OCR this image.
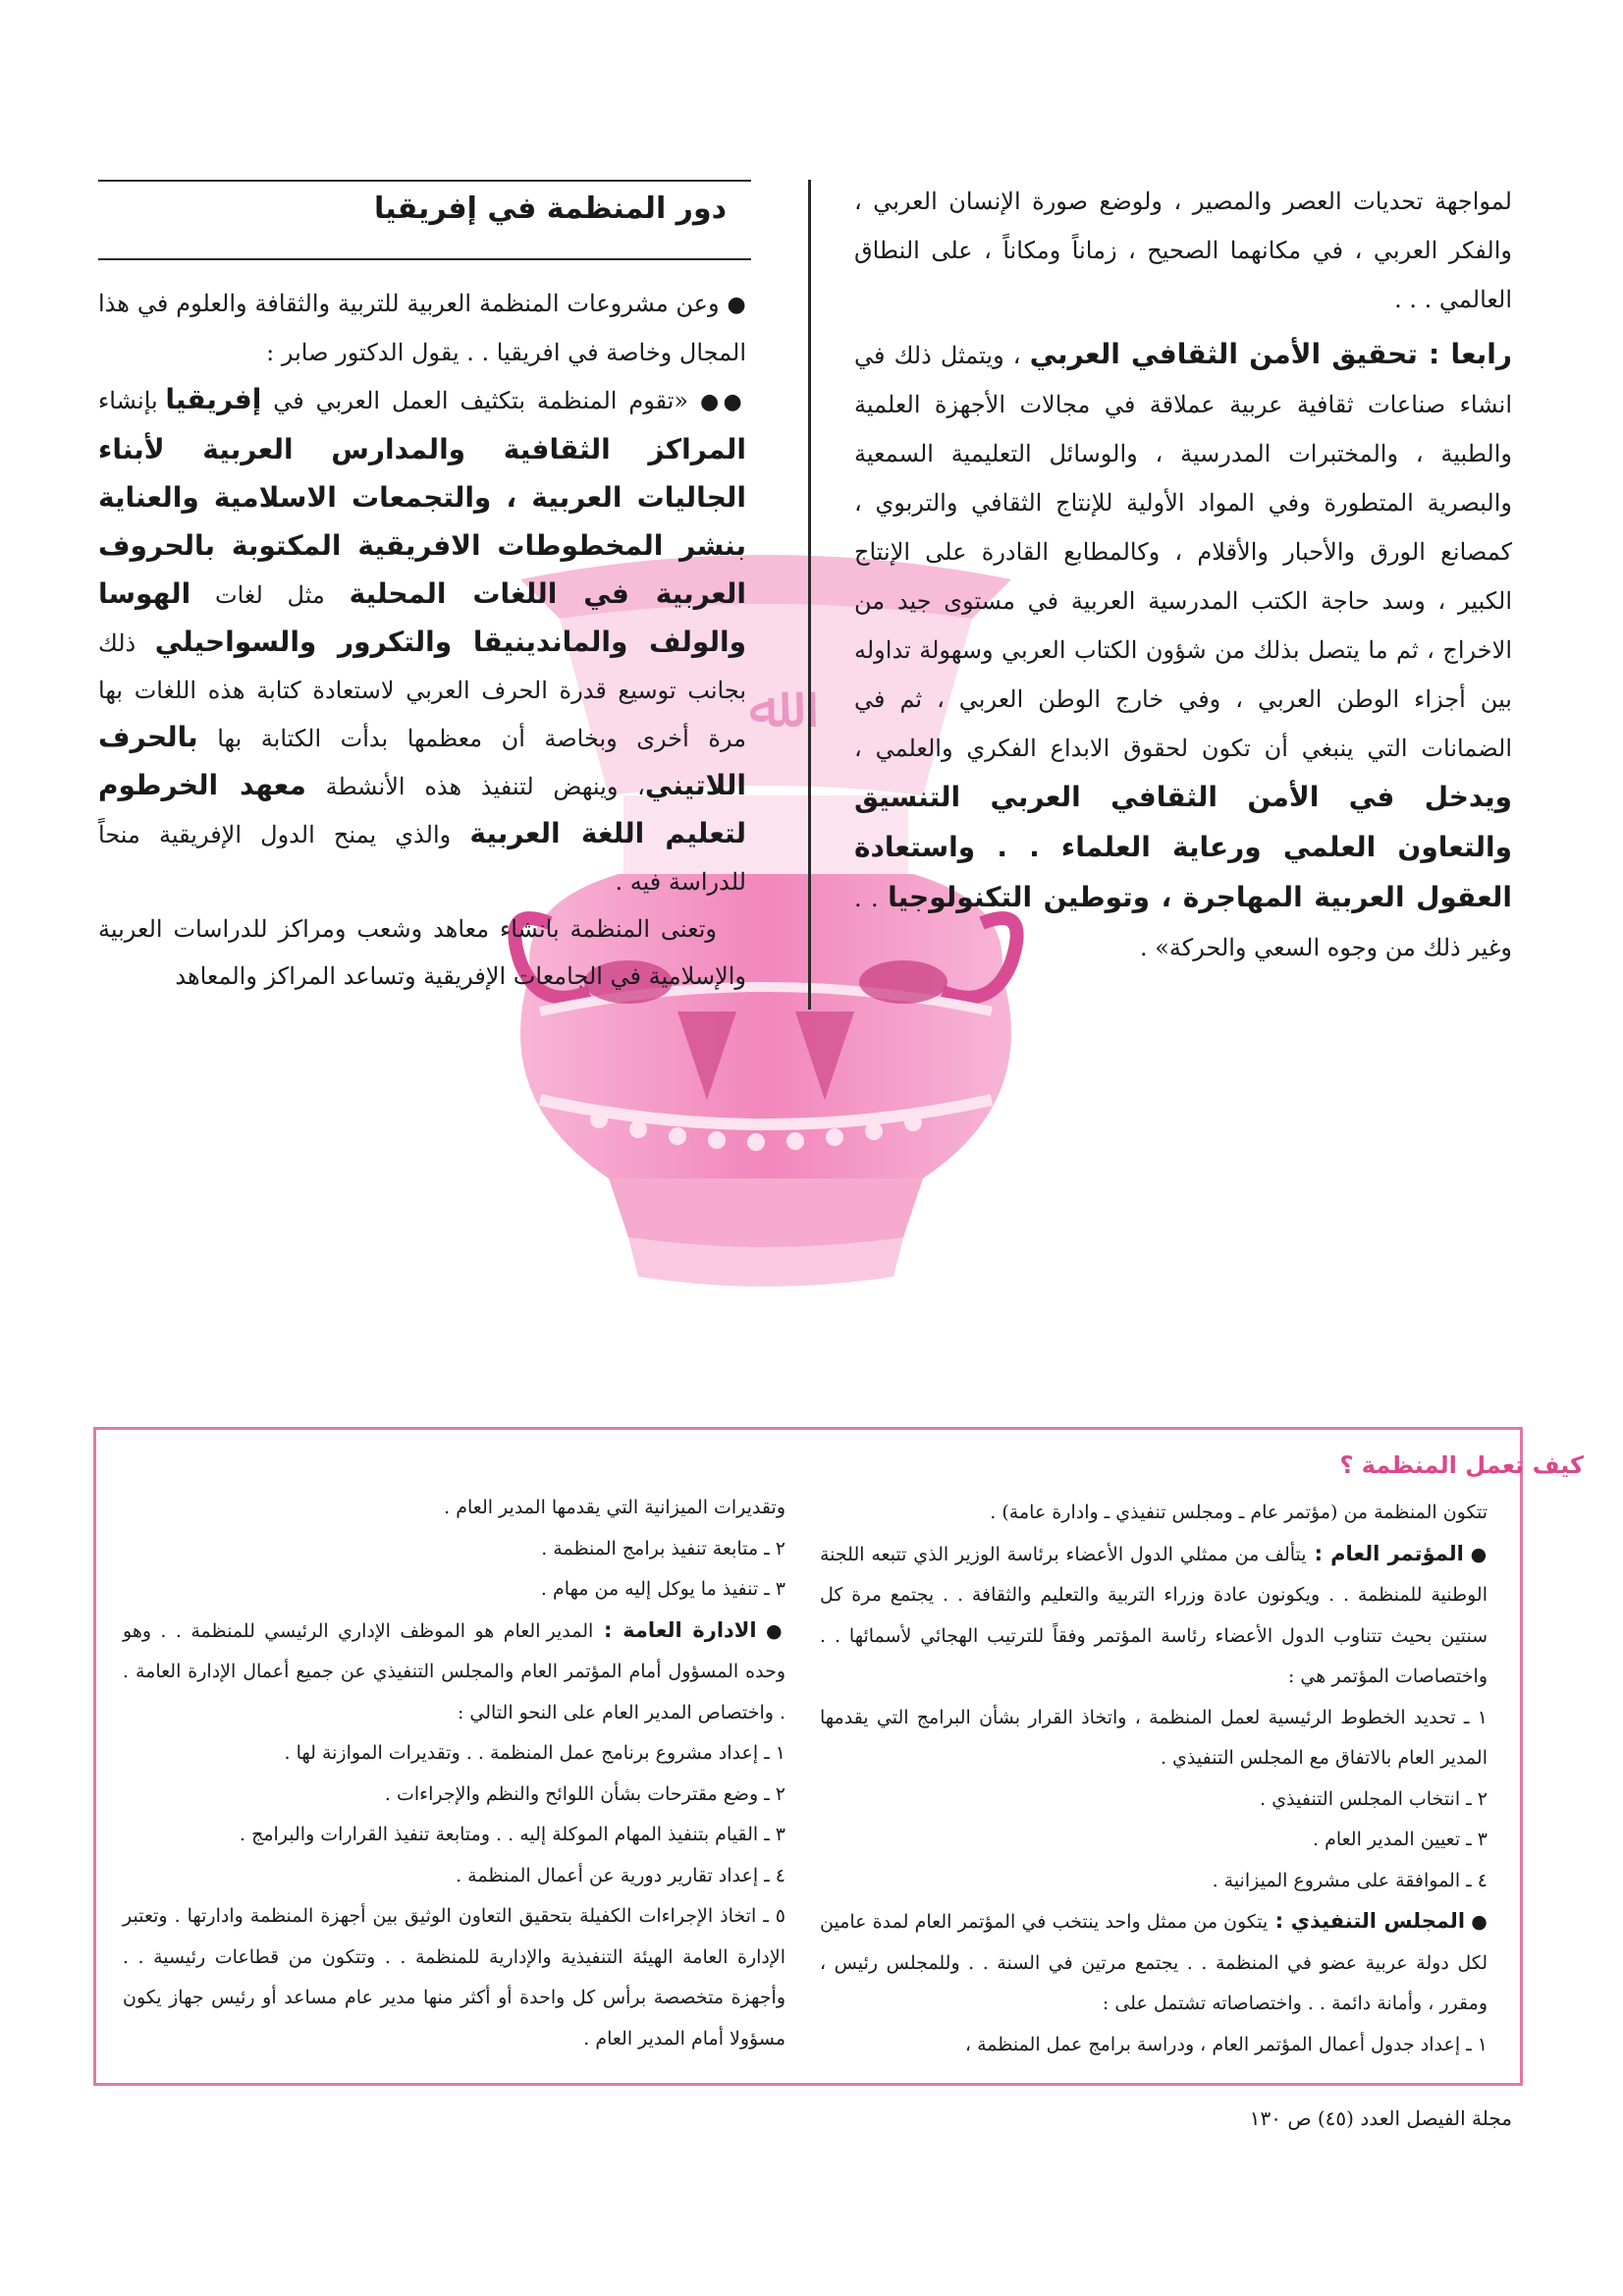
ﷲ

لمواجهة تحديات العصر والمصير ، ولوضع صورة الإنسان العربي ، والفكر العربي ، في مكانهما الصحيح ، زماناً ومكاناً ، على النطاق العالمي . . .

رابعا : تحقيق الأمن الثقافي العربي ، ويتمثل ذلك في انشاء صناعات ثقافية عربية عملاقة في مجالات الأجهزة العلمية والطبية ، والمختبرات المدرسية ، والوسائل التعليمية السمعية والبصرية المتطورة وفي المواد الأولية للإنتاج الثقافي والتربوي ، كمصانع الورق والأحبار والأقلام ، وكالمطابع القادرة على الإنتاج الكبير ، وسد حاجة الكتب المدرسية العربية في مستوى جيد من الاخراج ، ثم ما يتصل بذلك من شؤون الكتاب العربي وسهولة تداوله بين أجزاء الوطن العربي ، وفي خارج الوطن العربي ، ثم في الضمانات التي ينبغي أن تكون لحقوق الابداع الفكري والعلمي ، ويدخل في الأمن الثقافي العربي التنسيق والتعاون العلمي ورعاية العلماء . . واستعادة العقول العربية المهاجرة ، وتوطين التكنولوجيا . . وغير ذلك من وجوه السعي والحركة» .

دور المنظمة في إفريقيا

● وعن مشروعات المنظمة العربية للتربية والثقافة والعلوم في هذا المجال وخاصة في افريقيا . . يقول الدكتور صابر :

●● «تقوم المنظمة بتكثيف العمل العربي في إفريقيا بإنشاء المراكز الثقافية والمدارس العربية لأبناء الجاليات العربية ، والتجمعات الاسلامية والعناية بنشر المخطوطات الافريقية المكتوبة بالحروف العربية في اللغات المحلية مثل لغات الهوسا والولف والماندينيقا والتكرور والسواحيلي ذلك بجانب توسيع قدرة الحرف العربي لاستعادة كتابة هذه اللغات بها مرة أخرى وبخاصة أن معظمها بدأت الكتابة بها بالحرف اللاتيني، وينهض لتنفيذ هذه الأنشطة معهد الخرطوم لتعليم اللغة العربية والذي يمنح الدول الإفريقية منحاً للدراسة فيه .

وتعنى المنظمة بانشاء معاهد وشعب ومراكز للدراسات العربية والإسلامية في الجامعات الإفريقية وتساعد المراكز والمعاهد

كيف تعمل المنظمة ؟

تتكون المنظمة من (مؤتمر عام ـ ومجلس تنفيذي ـ وادارة عامة) .

● المؤتمر العام : يتألف من ممثلي الدول الأعضاء برئاسة الوزير الذي تتبعه اللجنة الوطنية للمنظمة . . ويكونون عادة وزراء التربية والتعليم والثقافة . . يجتمع مرة كل سنتين بحيث تتناوب الدول الأعضاء رئاسة المؤتمر وفقاً للترتيب الهجائي لأسمائها . . واختصاصات المؤتمر هي :

١ ـ تحديد الخطوط الرئيسية لعمل المنظمة ، واتخاذ القرار بشأن البرامج التي يقدمها المدير العام بالاتفاق مع المجلس التنفيذي .

٢ ـ انتخاب المجلس التنفيذي .

٣ ـ تعيين المدير العام .

٤ ـ الموافقة على مشروع الميزانية .

● المجلس التنفيذي : يتكون من ممثل واحد ينتخب في المؤتمر العام لمدة عامين لكل دولة عربية عضو في المنظمة . . يجتمع مرتين في السنة . . وللمجلس رئيس ، ومقرر ، وأمانة دائمة . . واختصاصاته تشتمل على :

١ ـ إعداد جدول أعمال المؤتمر العام ، ودراسة برامج عمل المنظمة ،

وتقديرات الميزانية التي يقدمها المدير العام .

٢ ـ متابعة تنفيذ برامج المنظمة .

٣ ـ تنفيذ ما يوكل إليه من مهام .

● الادارة العامة : المدير العام هو الموظف الإداري الرئيسي للمنظمة . . وهو وحده المسؤول أمام المؤتمر العام والمجلس التنفيذي عن جميع أعمال الإدارة العامة . . واختصاص المدير العام على النحو التالي :

١ ـ إعداد مشروع برنامج عمل المنظمة . . وتقديرات الموازنة لها .

٢ ـ وضع مقترحات بشأن اللوائح والنظم والإجراءات .

٣ ـ القيام بتنفيذ المهام الموكلة إليه . . ومتابعة تنفيذ القرارات والبرامج .

٤ ـ إعداد تقارير دورية عن أعمال المنظمة .

٥ ـ اتخاذ الإجراءات الكفيلة بتحقيق التعاون الوثيق بين أجهزة المنظمة وادارتها . وتعتبر الإدارة العامة الهيئة التنفيذية والإدارية للمنظمة . . وتتكون من قطاعات رئيسية . . وأجهزة متخصصة برأس كل واحدة أو أكثر منها مدير عام مساعد أو رئيس جهاز يكون مسؤولا أمام المدير العام .

مجلة الفيصل العدد (٤٥) ص ١٣٠
